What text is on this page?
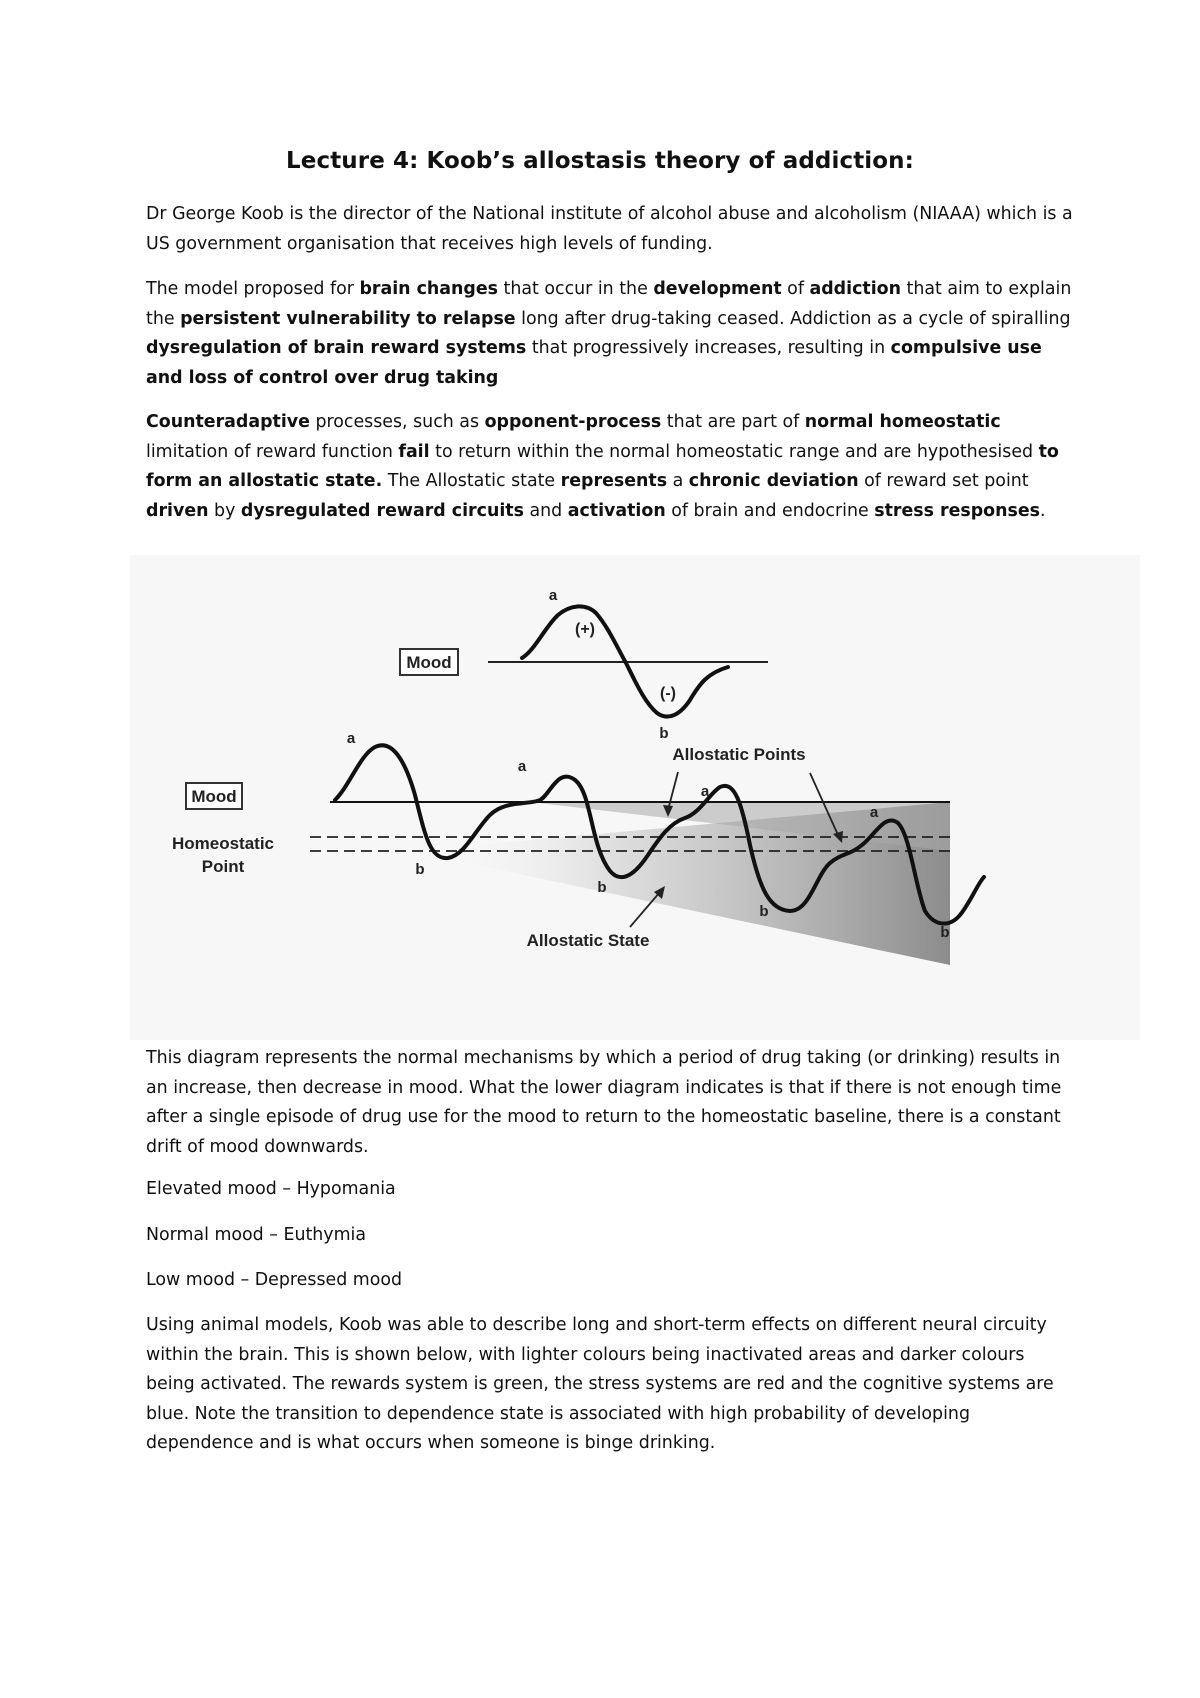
Lecture 4: Koob’s allostasis theory of addiction:

Dr George Koob is the director of the National institute of alcohol abuse and alcoholism (NIAAA) which is a US government organisation that receives high levels of funding.

The model proposed for brain changes that occur in the development of addiction that aim to explain the persistent vulnerability to relapse long after drug-taking ceased. Addiction as a cycle of spiralling dysregulation of brain reward systems that progressively increases, resulting in compulsive use and loss of control over drug taking

Counteradaptive processes, such as opponent-process that are part of normal homeostatic limitation of reward function fail to return within the normal homeostatic range and are hypothesised to form an allostatic state. The Allostatic state represents a chronic deviation of reward set point driven by dysregulated reward circuits and activation of brain and endocrine stress responses.

Mood
a
(+)
(-)
b
Mood
Homeostatic
Point
a
a
a
a
b
b
b
b
Allostatic Points
Allostatic State

This diagram represents the normal mechanisms by which a period of drug taking (or drinking) results in an increase, then decrease in mood. What the lower diagram indicates is that if there is not enough time after a single episode of drug use for the mood to return to the homeostatic baseline, there is a constant drift of mood downwards.

Elevated mood – Hypomania

Normal mood – Euthymia

Low mood – Depressed mood

Using animal models, Koob was able to describe long and short-term effects on different neural circuity within the brain. This is shown below, with lighter colours being inactivated areas and darker colours being activated. The rewards system is green, the stress systems are red and the cognitive systems are blue. Note the transition to dependence state is associated with high probability of developing dependence and is what occurs when someone is binge drinking.
